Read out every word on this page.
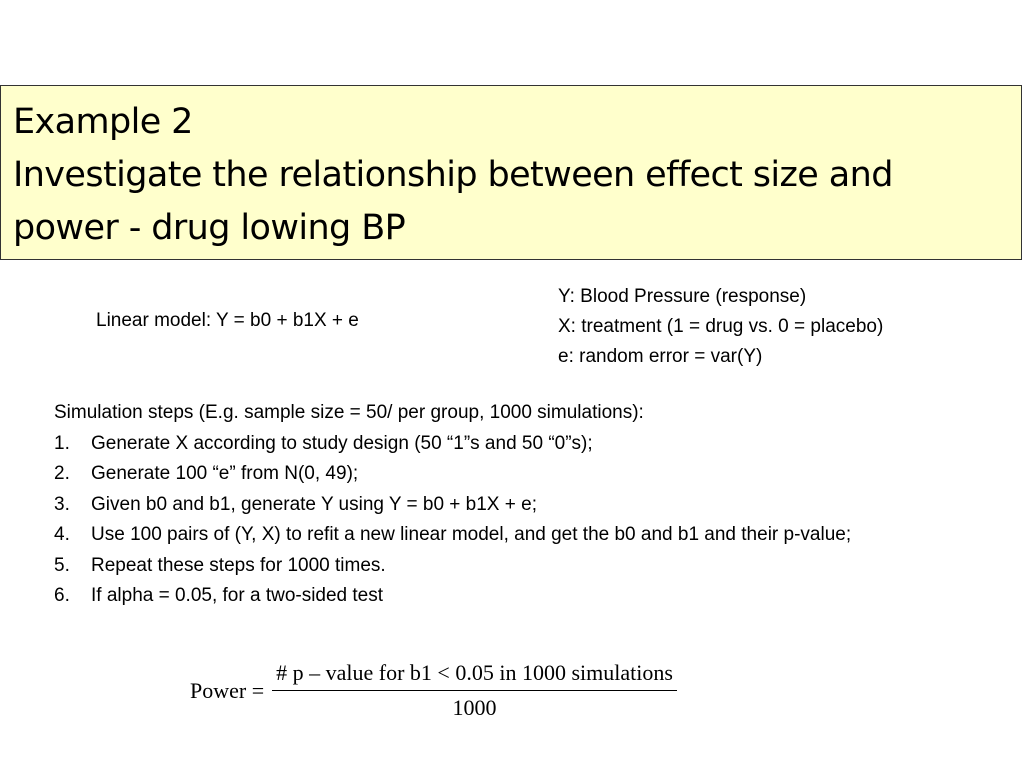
Example 2
Investigate the relationship between effect size and
power - drug lowing BP
Linear model: Y = b0 + b1X + e
Y: Blood Pressure (response)
X: treatment (1 = drug vs. 0 = placebo)
e: random error = var(Y)
Simulation steps (E.g. sample size = 50/ per group, 1000 simulations):
1.	Generate X according to study design (50 “1”s and 50 “0”s);
2.	Generate 100 “e” from N(0, 49);
3.	Given b0 and b1, generate Y using Y = b0 + b1X + e;
4.	Use 100 pairs of (Y, X) to refit a new linear model, and get the b0 and b1 and their p-value;
5.	Repeat these steps for 1000 times.
6.	If alpha = 0.05, for a two-sided test
Power = $\frac{\text{\# p – value for b1 < 0.05 in 1000 simulations}}{1000}$
